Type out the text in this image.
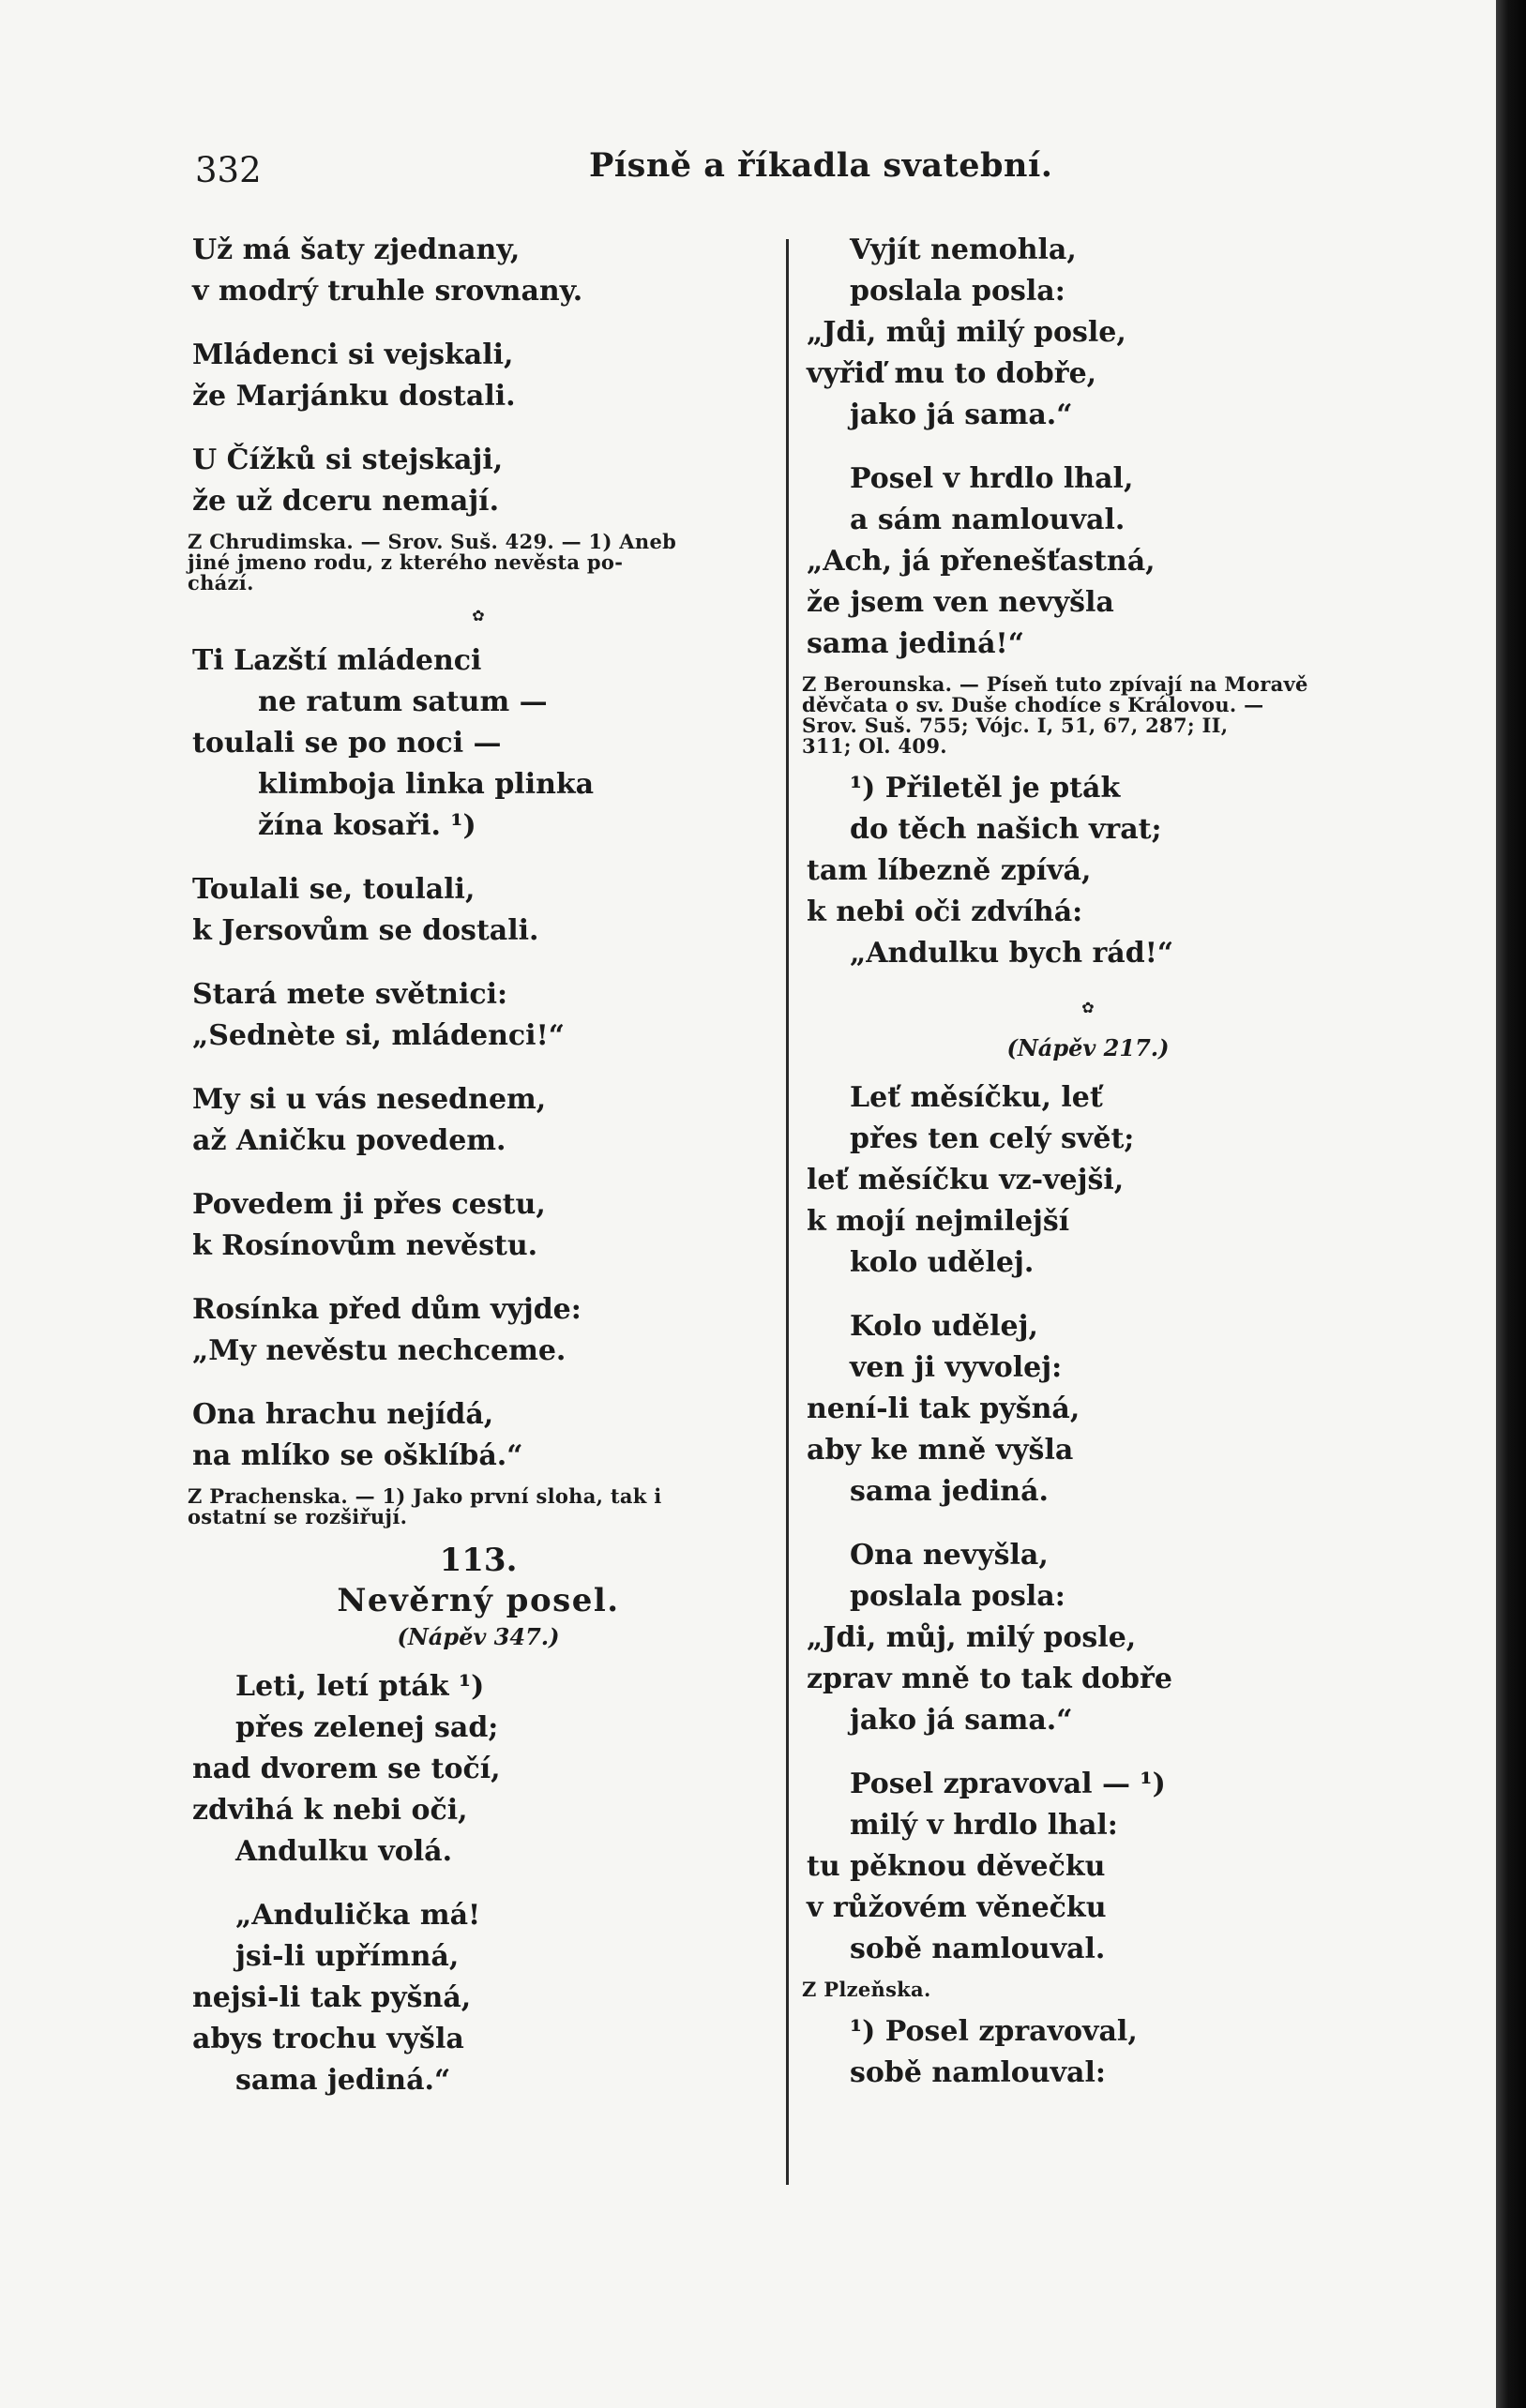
332	Písně a říkadla svatební.
Už má šaty zjednany,
v modrý truhle srovnany.
Mládenci si vejskali,
že Marjánku dostali.
U Čížků si stejskaji,
že už dceru nemají.
Z Chrudimska. — Srov. Suš. 429. — 1) Aneb
jiné jmeno rodu, z kterého nevěsta po-
chází.
✿
Ti Lazští mládenci
ne ratum satum —
toulali se po noci —
klimboja linka plinka
žína kosaři. ¹)
Toulali se, toulali,
k Jersovům se dostali.
Stará mete světnici:
„Sednète si, mládenci!“
My si u vás nesednem,
až Aničku povedem.
Povedem ji přes cestu,
k Rosínovům nevěstu.
Rosínka před dům vyjde:
„My nevěstu nechceme.
Ona hrachu nejídá,
na mlíko se ošklíbá.“
Z Prachenska. — 1) Jako první sloha, tak i
ostatní se rozšiřují.
113.
Nevěrný posel.
(Nápěv 347.)
Leti, letí pták ¹)
přes zelenej sad;
nad dvorem se točí,
zdvihá k nebi oči,
Andulku volá.
„Andulička má!
jsi-li upřímná,
nejsi-li tak pyšná,
abys trochu vyšla
sama jediná.“
Vyjít nemohla,
poslala posla:
„Jdi, můj milý posle,
vyřiď mu to dobře,
jako já sama.“
Posel v hrdlo lhal,
a sám namlouval.
„Ach, já přenešťastná,
že jsem ven nevyšla
sama jediná!“
Z Berounska. — Píseň tuto zpívají na Moravě
děvčata o sv. Duše chodíce s Královou. —
Srov. Suš. 755; Vójc. I, 51, 67, 287; II,
311; Ol. 409.
¹) Přiletěl je pták
do těch našich vrat;
tam líbezně zpívá,
k nebi oči zdvíhá:
„Andulku bych rád!“
✿
(Nápěv 217.)
Leť měsíčku, leť
přes ten celý svět;
leť měsíčku vz-vejši,
k mojí nejmilejší
kolo udělej.
Kolo udělej,
ven ji vyvolej:
není-li tak pyšná,
aby ke mně vyšla
sama jediná.
Ona nevyšla,
poslala posla:
„Jdi, můj, milý posle,
zprav mně to tak dobře
jako já sama.“
Posel zpravoval — ¹)
milý v hrdlo lhal:
tu pěknou děvečku
v růžovém věnečku
sobě namlouval.
Z Plzeňska.
¹) Posel zpravoval,
sobě namlouval:
